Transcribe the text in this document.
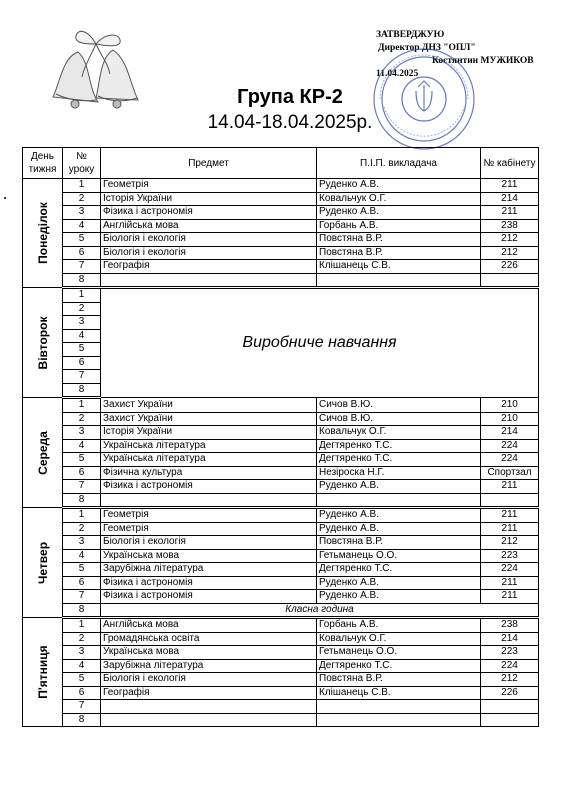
ЗАТВЕРДЖУЮ
Директор ДНЗ "ОПЛ"
Костянтин МУЖИКОВ
11.04.2025
Група КР-2
14.04-18.04.2025р.
День тижня	№ уроку	Предмет	П.І.П. викладача	№ кабінету

Понеділок	1	Геометрія	Руденко А.В.	211
	2	Історія України	Ковальчук О.Г.	214
	3	Фізика і астрономія	Руденко А.В.	211
	4	Англійська мова	Горбань А.В.	238
	5	Біологія і екологія	Повстяна В.Р.	212
	6	Біологія і екологія	Повстяна В.Р.	212
	7	Географія	Клішанець С.В.	226
	8			

Вівторок	1	Виробниче навчання		
	2			
	3			
	4			
	5			
	6			
	7			
	8			

Середа	1	Захист України	Сичов В.Ю.	210
	2	Захист України	Сичов В.Ю.	210
	3	Історія України	Ковальчук О.Г.	214
	4	Українська література	Дегтяренко Т.С.	224
	5	Українська література	Дегтяренко Т.С.	224
	6	Фізична культура	Незіроска Н.Г.	Спортзал
	7	Фізика і астрономія	Руденко А.В.	211
	8			

Четвер	1	Геометрія	Руденко А.В.	211
	2	Геометрія	Руденко А.В.	211
	3	Біологія і екологія	Повстяна В.Р.	212
	4	Українська мова	Гетьманець О.О.	223
	5	Зарубіжна література	Дегтяренко Т.С.	224
	6	Фізика і астрономія	Руденко А.В.	211
	7	Фізика і астрономія	Руденко А.В.	211
	8	Класна година		

П'ятниця	1	Англійська мова	Горбань А.В.	238
	2	Громадянська освіта	Ковальчук О.Г.	214
	3	Українська мова	Гетьманець О.О.	223
	4	Зарубіжна література	Дегтяренко Т.С.	224
	5	Біологія і екологія	Повстяна В.Р.	212
	6	Географія	Клішанець С.В.	226
	7			
	8			
